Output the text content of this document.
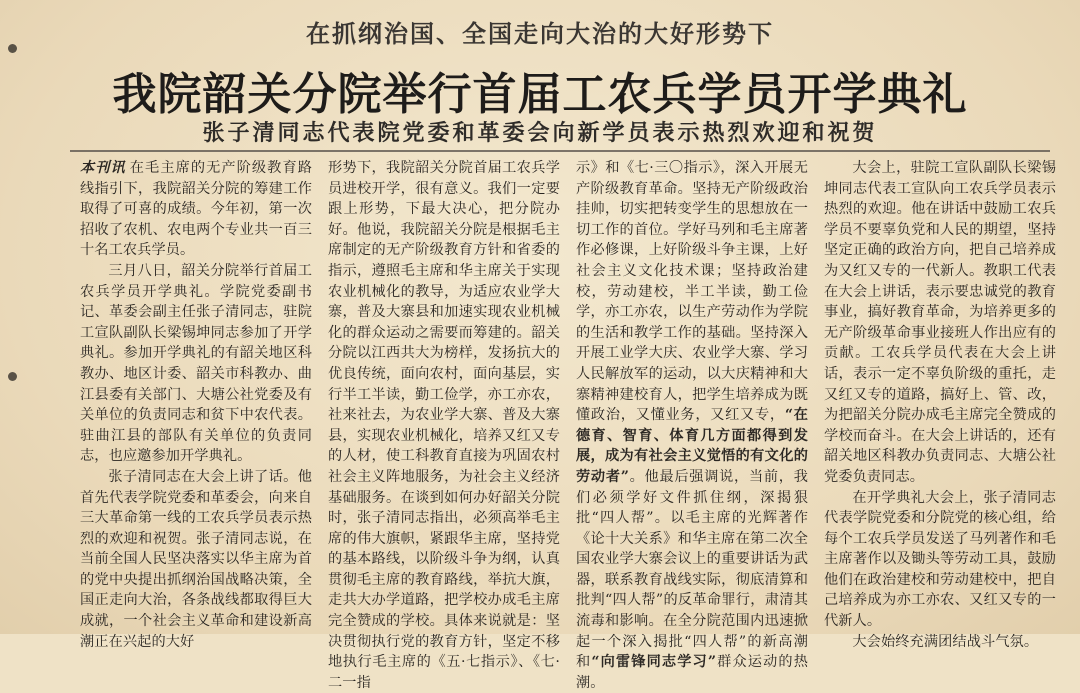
在抓纲治国、全国走向大治的大好形势下
我院韶关分院举行首届工农兵学员开学典礼
张子清同志代表院党委和革委会向新学员表示热烈欢迎和祝贺

本刊讯 在毛主席的无产阶级教育路线指引下，我院韶关分院的筹建工作取得了可喜的成绩。今年初，第一次招收了农机、农电两个专业共一百三十名工农兵学员。

三月八日，韶关分院举行首届工农兵学员开学典礼。学院党委副书记、革委会副主任张子清同志，驻院工宣队副队长梁锡坤同志参加了开学典礼。参加开学典礼的有韶关地区科教办、地区计委、韶关市科教办、曲江县委有关部门、大塘公社党委及有关单位的负责同志和贫下中农代表。驻曲江县的部队有关单位的负责同志，也应邀参加开学典礼。

张子清同志在大会上讲了话。他首先代表学院党委和革委会，向来自三大革命第一线的工农兵学员表示热烈的欢迎和祝贺。张子清同志说，在当前全国人民坚决落实以华主席为首的党中央提出抓纲治国战略决策，全国正走向大治，各条战线都取得巨大成就，一个社会主义革命和建设新高潮正在兴起的大好

形势下，我院韶关分院首届工农兵学员进校开学，很有意义。我们一定要跟上形势，下最大决心，把分院办好。他说，我院韶关分院是根据毛主席制定的无产阶级教育方针和省委的指示，遵照毛主席和华主席关于实现农业机械化的教导，为适应农业学大寨，普及大寨县和加速实现农业机械化的群众运动之需要而筹建的。韶关分院以江西共大为榜样，发扬抗大的优良传统，面向农村，面向基层，实行半工半读，勤工俭学，亦工亦农，社来社去，为农业学大寨、普及大寨县，实现农业机械化，培养又红又专的人材，使工科教育直接为巩固农村社会主义阵地服务，为社会主义经济基础服务。在谈到如何办好韶关分院时，张子清同志指出，必须高举毛主席的伟大旗帜，紧跟华主席，坚持党的基本路线，以阶级斗争为纲，认真贯彻毛主席的教育路线，举抗大旗，走共大办学道路，把学校办成毛主席完全赞成的学校。具体来说就是：坚决贯彻执行党的教育方针，坚定不移地执行毛主席的《五·七指示》、《七·二一指

示》和《七·三〇指示》，深入开展无产阶级教育革命。坚持无产阶级政治挂帅，切实把转变学生的思想放在一切工作的首位。学好马列和毛主席著作必修课，上好阶级斗争主课，上好社会主义文化技术课；坚持政治建校，劳动建校，半工半读，勤工俭学，亦工亦农，以生产劳动作为学院的生活和教学工作的基础。坚持深入开展工业学大庆、农业学大寨、学习人民解放军的运动，以大庆精神和大寨精神建校育人，把学生培养成为既懂政治，又懂业务，又红又专，“在德育、智育、体育几方面都得到发展，成为有社会主义觉悟的有文化的劳动者”。他最后强调说，当前，我们必须学好文件抓住纲，深揭狠批“四人帮”。以毛主席的光辉著作《论十大关系》和华主席在第二次全国农业学大寨会议上的重要讲话为武器，联系教育战线实际，彻底清算和批判“四人帮”的反革命罪行，肃清其流毒和影响。在全分院范围内迅速掀起一个深入揭批“四人帮”的新高潮和“向雷锋同志学习”群众运动的热潮。

大会上，驻院工宣队副队长梁锡坤同志代表工宣队向工农兵学员表示热烈的欢迎。他在讲话中鼓励工农兵学员不要辜负党和人民的期望，坚持坚定正确的政治方向，把自己培养成为又红又专的一代新人。教职工代表在大会上讲话，表示要忠诚党的教育事业，搞好教育革命，为培养更多的无产阶级革命事业接班人作出应有的贡献。工农兵学员代表在大会上讲话，表示一定不辜负阶级的重托，走又红又专的道路，搞好上、管、改，为把韶关分院办成毛主席完全赞成的学校而奋斗。在大会上讲话的，还有韶关地区科教办负责同志、大塘公社党委负责同志。

在开学典礼大会上，张子清同志代表学院党委和分院党的核心组，给每个工农兵学员发送了马列著作和毛主席著作以及锄头等劳动工具，鼓励他们在政治建校和劳动建校中，把自己培养成为亦工亦农、又红又专的一代新人。

大会始终充满团结战斗气氛。
